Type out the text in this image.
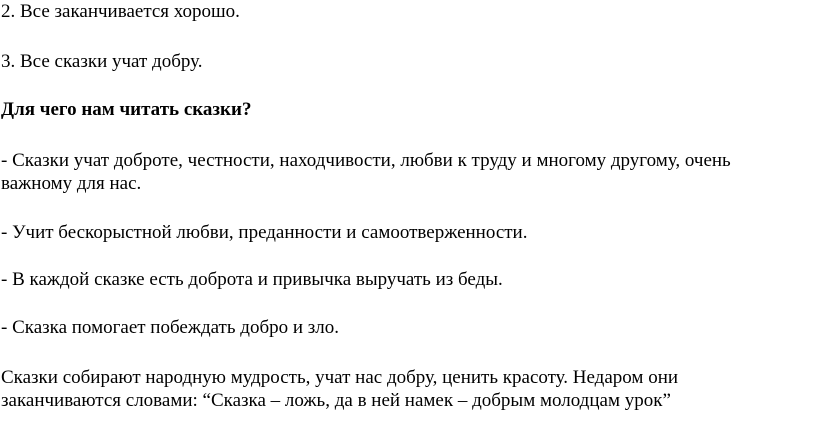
2. Все заканчивается хорошо.
3. Все сказки учат добру.
Для чего нам читать сказки?
- Сказки учат доброте, честности, находчивости, любви к труду и многому другому, очень
важному для нас.
- Учит бескорыстной любви, преданности и самоотверженности.
- В каждой сказке есть доброта и привычка выручать из беды.
- Сказка помогает побеждать добро и зло.
Сказки собирают народную мудрость, учат нас добру, ценить красоту. Недаром они
заканчиваются словами: “Сказка – ложь, да в ней намек – добрым молодцам урок”
